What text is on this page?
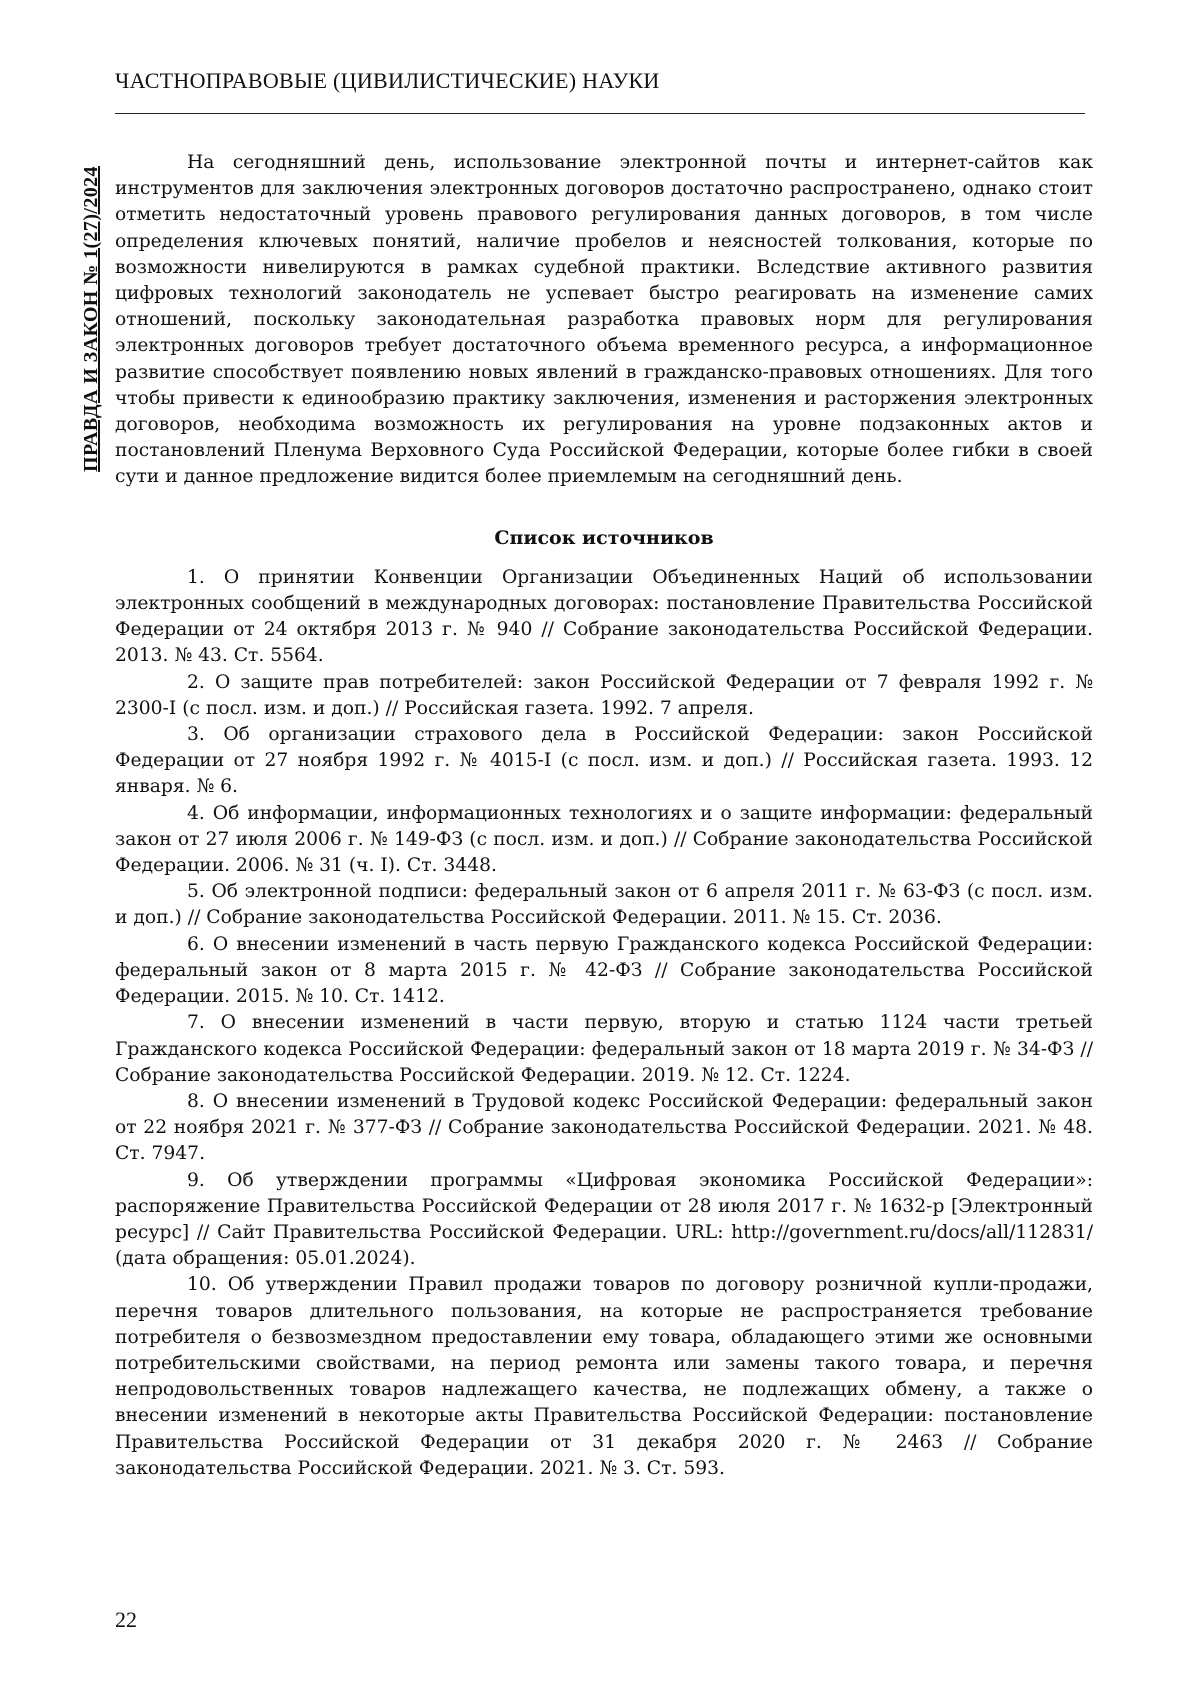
ЧАСТНОПРАВОВЫЕ (ЦИВИЛИСТИЧЕСКИЕ) НАУКИ
ПРАВДА И ЗАКОН № 1(27)/2024

На сегодняшний день, использование электронной почты и интернет-сайтов как инструментов для заключения электронных договоров достаточно распространено, однако стоит отметить недостаточный уровень правового регулирования данных договоров, в том числе определения ключевых понятий, наличие пробелов и неясностей толкования, которые по возможности нивелируются в рамках судебной практики. Вследствие активного развития цифровых технологий законодатель не успевает быстро реагировать на изменение самих отношений, поскольку законодательная разработка правовых норм для регулирования электронных договоров требует достаточного объема временного ресурса, а информационное развитие способствует появлению новых явлений в гражданско-правовых отношениях. Для того чтобы привести к единообразию практику заключения, изменения и расторжения электронных договоров, необходима возможность их регулирования на уровне подзаконных актов и постановлений Пленума Верховного Суда Российской Федерации, которые более гибки в своей сути и данное предложение видится более приемлемым на сегодняшний день.

Список источников
1. О принятии Конвенции Организации Объединенных Наций об использовании электронных сообщений в международных договорах: постановление Правительства Российской Федерации от 24 октября 2013 г. № 940 // Собрание законодательства Российской Федерации. 2013. № 43. Ст. 5564.
2. О защите прав потребителей: закон Российской Федерации от 7 февраля 1992 г. № 2300-I (с посл. изм. и доп.) // Российская газета. 1992. 7 апреля.
3. Об организации страхового дела в Российской Федерации: закон Российской Федерации от 27 ноября 1992 г. № 4015-I (с посл. изм. и доп.) // Российская газета. 1993. 12 января. № 6.
4. Об информации, информационных технологиях и о защите информации: федеральный закон от 27 июля 2006 г. № 149-ФЗ (с посл. изм. и доп.) // Собрание законодательства Российской Федерации. 2006. № 31 (ч. I). Ст. 3448.
5. Об электронной подписи: федеральный закон от 6 апреля 2011 г. № 63-ФЗ (с посл. изм. и доп.) // Собрание законодательства Российской Федерации. 2011. № 15. Ст. 2036.
6. О внесении изменений в часть первую Гражданского кодекса Российской Федерации: федеральный закон от 8 марта 2015 г. № 42-ФЗ // Собрание законодательства Российской Федерации. 2015. № 10. Ст. 1412.
7. О внесении изменений в части первую, вторую и статью 1124 части третьей Гражданского кодекса Российской Федерации: федеральный закон от 18 марта 2019 г. № 34-ФЗ // Собрание законодательства Российской Федерации. 2019. № 12. Ст. 1224.
8. О внесении изменений в Трудовой кодекс Российской Федерации: федеральный закон от 22 ноября 2021 г. № 377-ФЗ // Собрание законодательства Российской Федерации. 2021. № 48. Ст. 7947.
9. Об утверждении программы «Цифровая экономика Российской Федерации»: распоряжение Правительства Российской Федерации от 28 июля 2017 г. № 1632-р [Электронный ресурс] // Сайт Правительства Российской Федерации. URL: http://government.ru/docs/all/112831/ (дата обращения: 05.01.2024).
10. Об утверждении Правил продажи товаров по договору розничной купли-продажи, перечня товаров длительного пользования, на которые не распространяется требование потребителя о безвозмездном предоставлении ему товара, обладающего этими же основными потребительскими свойствами, на период ремонта или замены такого товара, и перечня непродовольственных товаров надлежащего качества, не подлежащих обмену, а также о внесении изменений в некоторые акты Правительства Российской Федерации: постановление Правительства Российской Федерации от 31 декабря 2020 г. № 2463 // Собрание законодательства Российской Федерации. 2021. № 3. Ст. 593.
22
